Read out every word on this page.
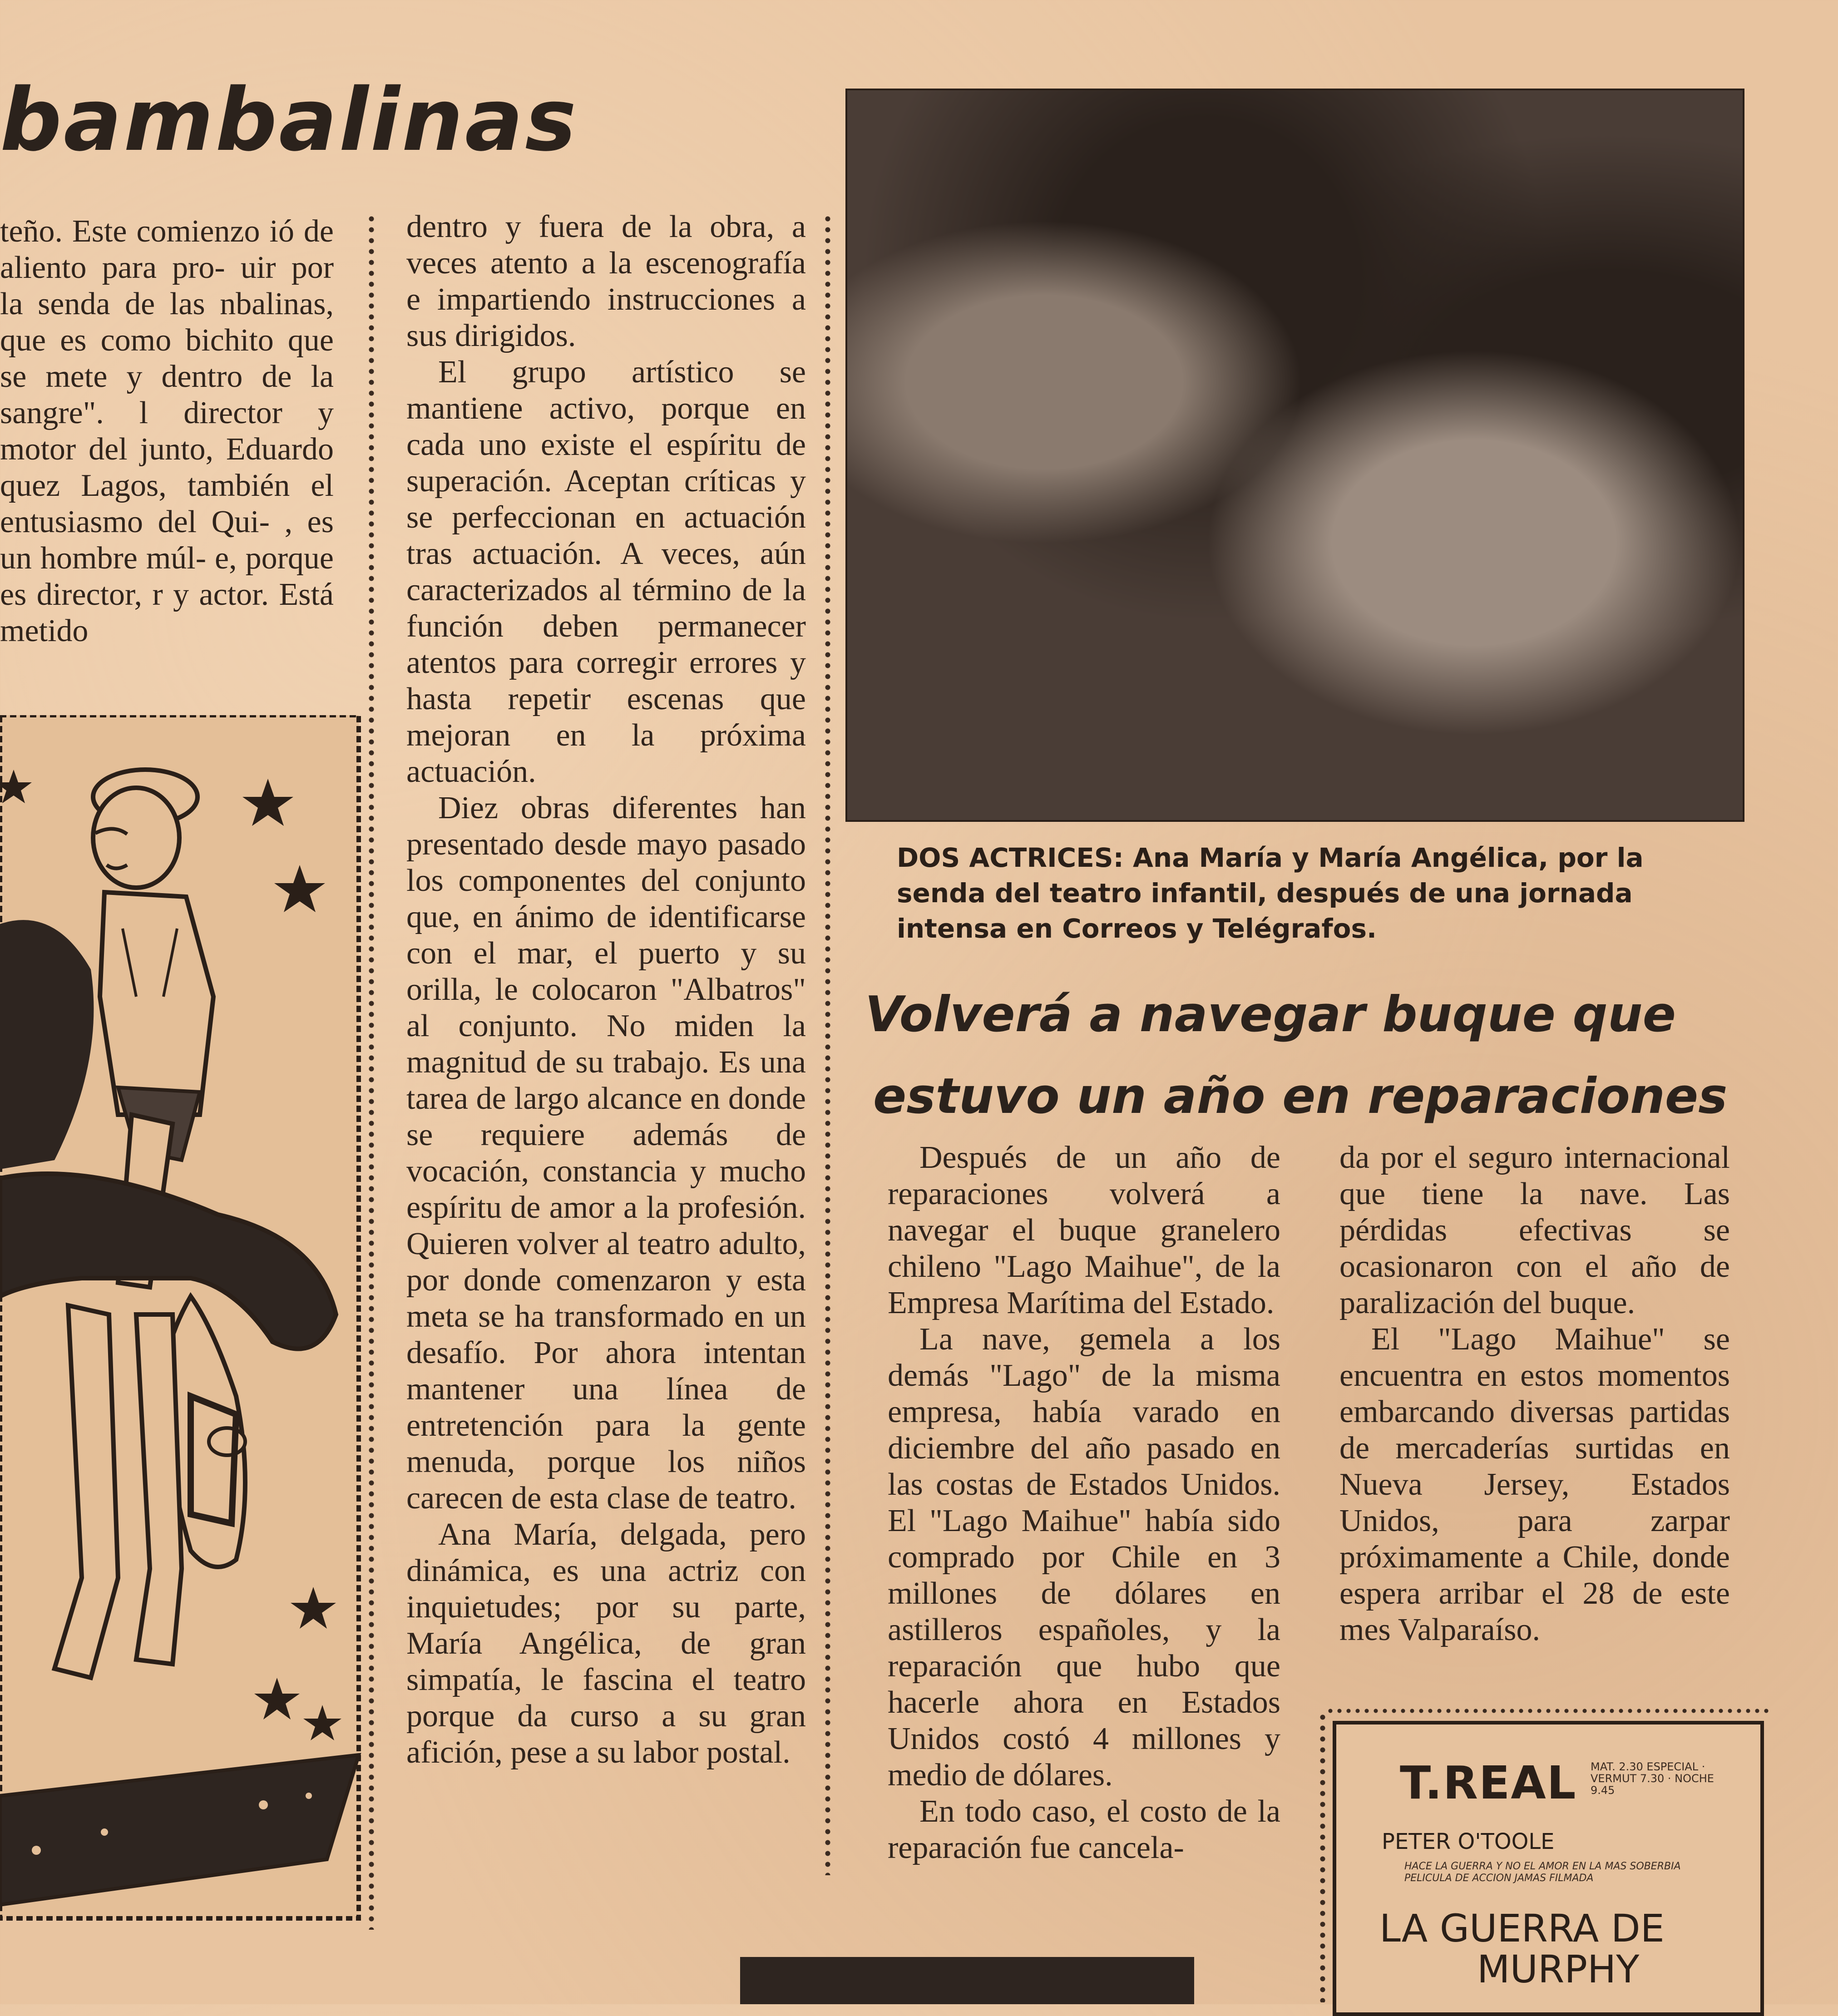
bambalinas

teño. Este comienzo ió de aliento para pro- uir por la senda de las nbalinas, que es como bichito que se mete y dentro de la sangre". l director y motor del junto, Eduardo quez Lagos, también el entusiasmo del Qui- , es un hombre múl- e, porque es director, r y actor. Está metido

dentro y fuera de la obra, a veces atento a la escenografía e impartiendo instrucciones a sus dirigidos.

El grupo artístico se mantiene activo, porque en cada uno existe el espíritu de superación. Aceptan críticas y se perfeccionan en actuación tras actuación. A veces, aún caracterizados al término de la función deben permanecer atentos para corregir errores y hasta repetir escenas que mejoran en la próxima actuación.

Diez obras diferentes han presentado desde mayo pasado los componentes del conjunto que, en ánimo de identificarse con el mar, el puerto y su orilla, le colocaron "Albatros" al conjunto. No miden la magnitud de su trabajo. Es una tarea de largo alcance en donde se requiere además de vocación, constancia y mucho espíritu de amor a la profesión. Quieren volver al teatro adulto, por donde comenzaron y esta meta se ha transformado en un desafío. Por ahora intentan mantener una línea de entretención para la gente menuda, porque los niños carecen de esta clase de teatro.

Ana María, delgada, pero dinámica, es una actriz con inquietudes; por su parte, María Angélica, de gran simpatía, le fascina el teatro porque da curso a su gran afición, pese a su labor postal.

DOS ACTRICES: Ana María y María Angélica, por la senda del teatro infantil, después de una jornada intensa en Correos y Telégrafos.
Volverá a navegar buque que
estuvo un año en reparaciones

Después de un año de reparaciones volverá a navegar el buque granelero chileno "Lago Maihue", de la Empresa Marítima del Estado.

La nave, gemela a los demás "Lago" de la misma empresa, había varado en diciembre del año pasado en las costas de Estados Unidos. El "Lago Maihue" había sido comprado por Chile en 3 millones de dólares en astilleros españoles, y la reparación que hubo que hacerle ahora en Estados Unidos costó 4 millones y medio de dólares.

En todo caso, el costo de la reparación fue cancela-

da por el seguro internacional que tiene la nave. Las pérdidas efectivas se ocasionaron con el año de paralización del buque.

El "Lago Maihue" se encuentra en estos momentos embarcando diversas partidas de mercaderías surtidas en Nueva Jersey, Estados Unidos, para zarpar próximamente a Chile, donde espera arribar el 28 de este mes Valparaíso.

T.REAL MAT. 2.30 ESPECIAL · VERMUT 7.30 · NOCHE 9.45
PETER O'TOOLE
HACE LA GUERRA Y NO EL AMOR EN LA MAS SOBERBIA PELICULA DE ACCION JAMAS FILMADA
LA GUERRA DE
MURPHY
